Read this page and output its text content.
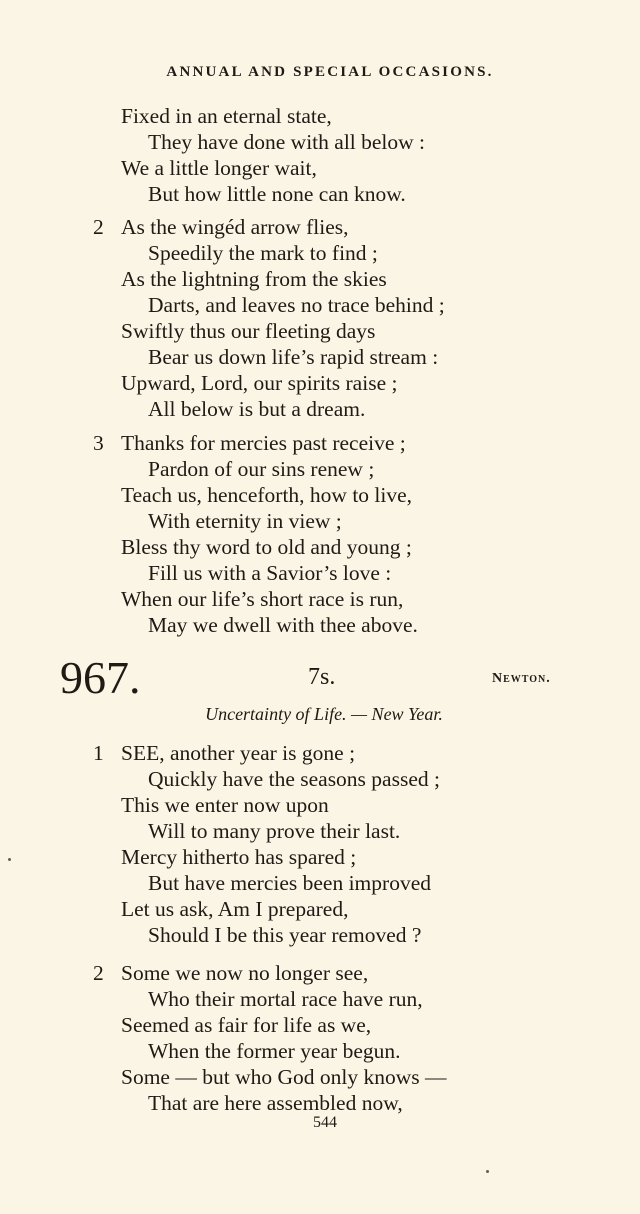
ANNUAL AND SPECIAL OCCASIONS.
Fixed in an eternal state,
They have done with all below :
We a little longer wait,
But how little none can know.
2 As the wingéd arrow flies,
Speedily the mark to find ;
As the lightning from the skies
Darts, and leaves no trace behind ;
Swiftly thus our fleeting days
Bear us down life’s rapid stream :
Upward, Lord, our spirits raise ;
All below is but a dream.
3 Thanks for mercies past receive ;
Pardon of our sins renew ;
Teach us, henceforth, how to live,
With eternity in view ;
Bless thy word to old and young ;
Fill us with a Savior’s love :
When our life’s short race is run,
May we dwell with thee above.
967.	7s.	Newton.
Uncertainty of Life. — New Year.
1 SEE, another year is gone ;
Quickly have the seasons passed ;
This we enter now upon
Will to many prove their last.
Mercy hitherto has spared ;
But have mercies been improved
Let us ask, Am I prepared,
Should I be this year removed ?
2 Some we now no longer see,
Who their mortal race have run,
Seemed as fair for life as we,
When the former year begun.
Some — but who God only knows —
That are here assembled now,
544
